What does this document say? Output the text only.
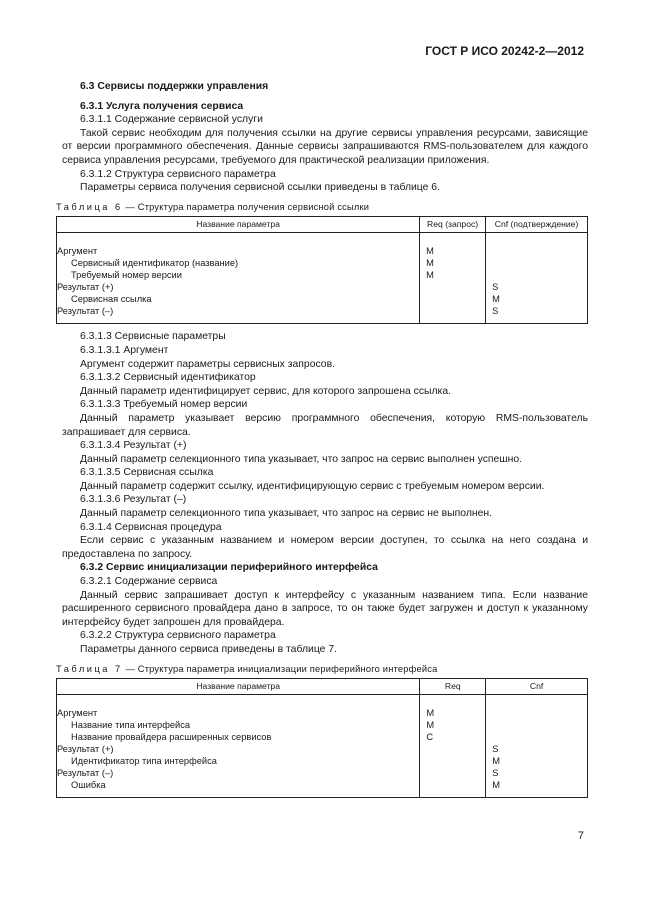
ГОСТ Р ИСО 20242-2—2012
6.3 Сервисы поддержки управления
6.3.1 Услуга получения сервиса

6.3.1.1 Содержание сервисной услуги

Такой сервис необходим для получения ссылки на другие сервисы управления ресурсами, зависящие от версии программного обеспечения. Данные сервисы запрашиваются RMS-пользователем для каждого сервиса управления ресурсами, требуемого для практической реализации приложения.

6.3.1.2 Структура сервисного параметра

Параметры сервиса получения сервисной ссылки приведены в таблице 6.

Таблица 6 — Структура параметра получения сервисной ссылки
Название параметра	Req (запрос)	Cnf (подтверждение)
Аргумент	M	
Сервисный идентификатор (название)	M	
Требуемый номер версии	M	
Результат (+)		S
Сервисная ссылка		M
Результат (–)		S

6.3.1.3 Сервисные параметры

6.3.1.3.1 Аргумент

Аргумент содержит параметры сервисных запросов.

6.3.1.3.2 Сервисный идентификатор

Данный параметр идентифицирует сервис, для которого запрошена ссылка.

6.3.1.3.3 Требуемый номер версии

Данный параметр указывает версию программного обеспечения, которую RMS-пользователь запрашивает для сервиса.

6.3.1.3.4 Результат (+)

Данный параметр селекционного типа указывает, что запрос на сервис выполнен успешно.

6.3.1.3.5 Сервисная ссылка

Данный параметр содержит ссылку, идентифицирующую сервис с требуемым номером версии.

6.3.1.3.6 Результат (–)

Данный параметр селекционного типа указывает, что запрос на сервис не выполнен.

6.3.1.4 Сервисная процедура

Если сервис с указанным названием и номером версии доступен, то ссылка на него создана и предоставлена по запросу.

6.3.2 Сервис инициализации периферийного интерфейса

6.3.2.1 Содержание сервиса

Данный сервис запрашивает доступ к интерфейсу с указанным названием типа. Если название расширенного сервисного провайдера дано в запросе, то он также будет загружен и доступ к указанному интерфейсу будет запрошен для провайдера.

6.3.2.2 Структура сервисного параметра

Параметры данного сервиса приведены в таблице 7.

Таблица 7 — Структура параметра инициализации периферийного интерфейса
Название параметра	Req	Cnf
Аргумент	M	
Название типа интерфейса	M	
Название провайдера расширенных сервисов	C	
Результат (+)		S
Идентификатор типа интерфейса		M
Результат (–)		S
Ошибка		M
7
